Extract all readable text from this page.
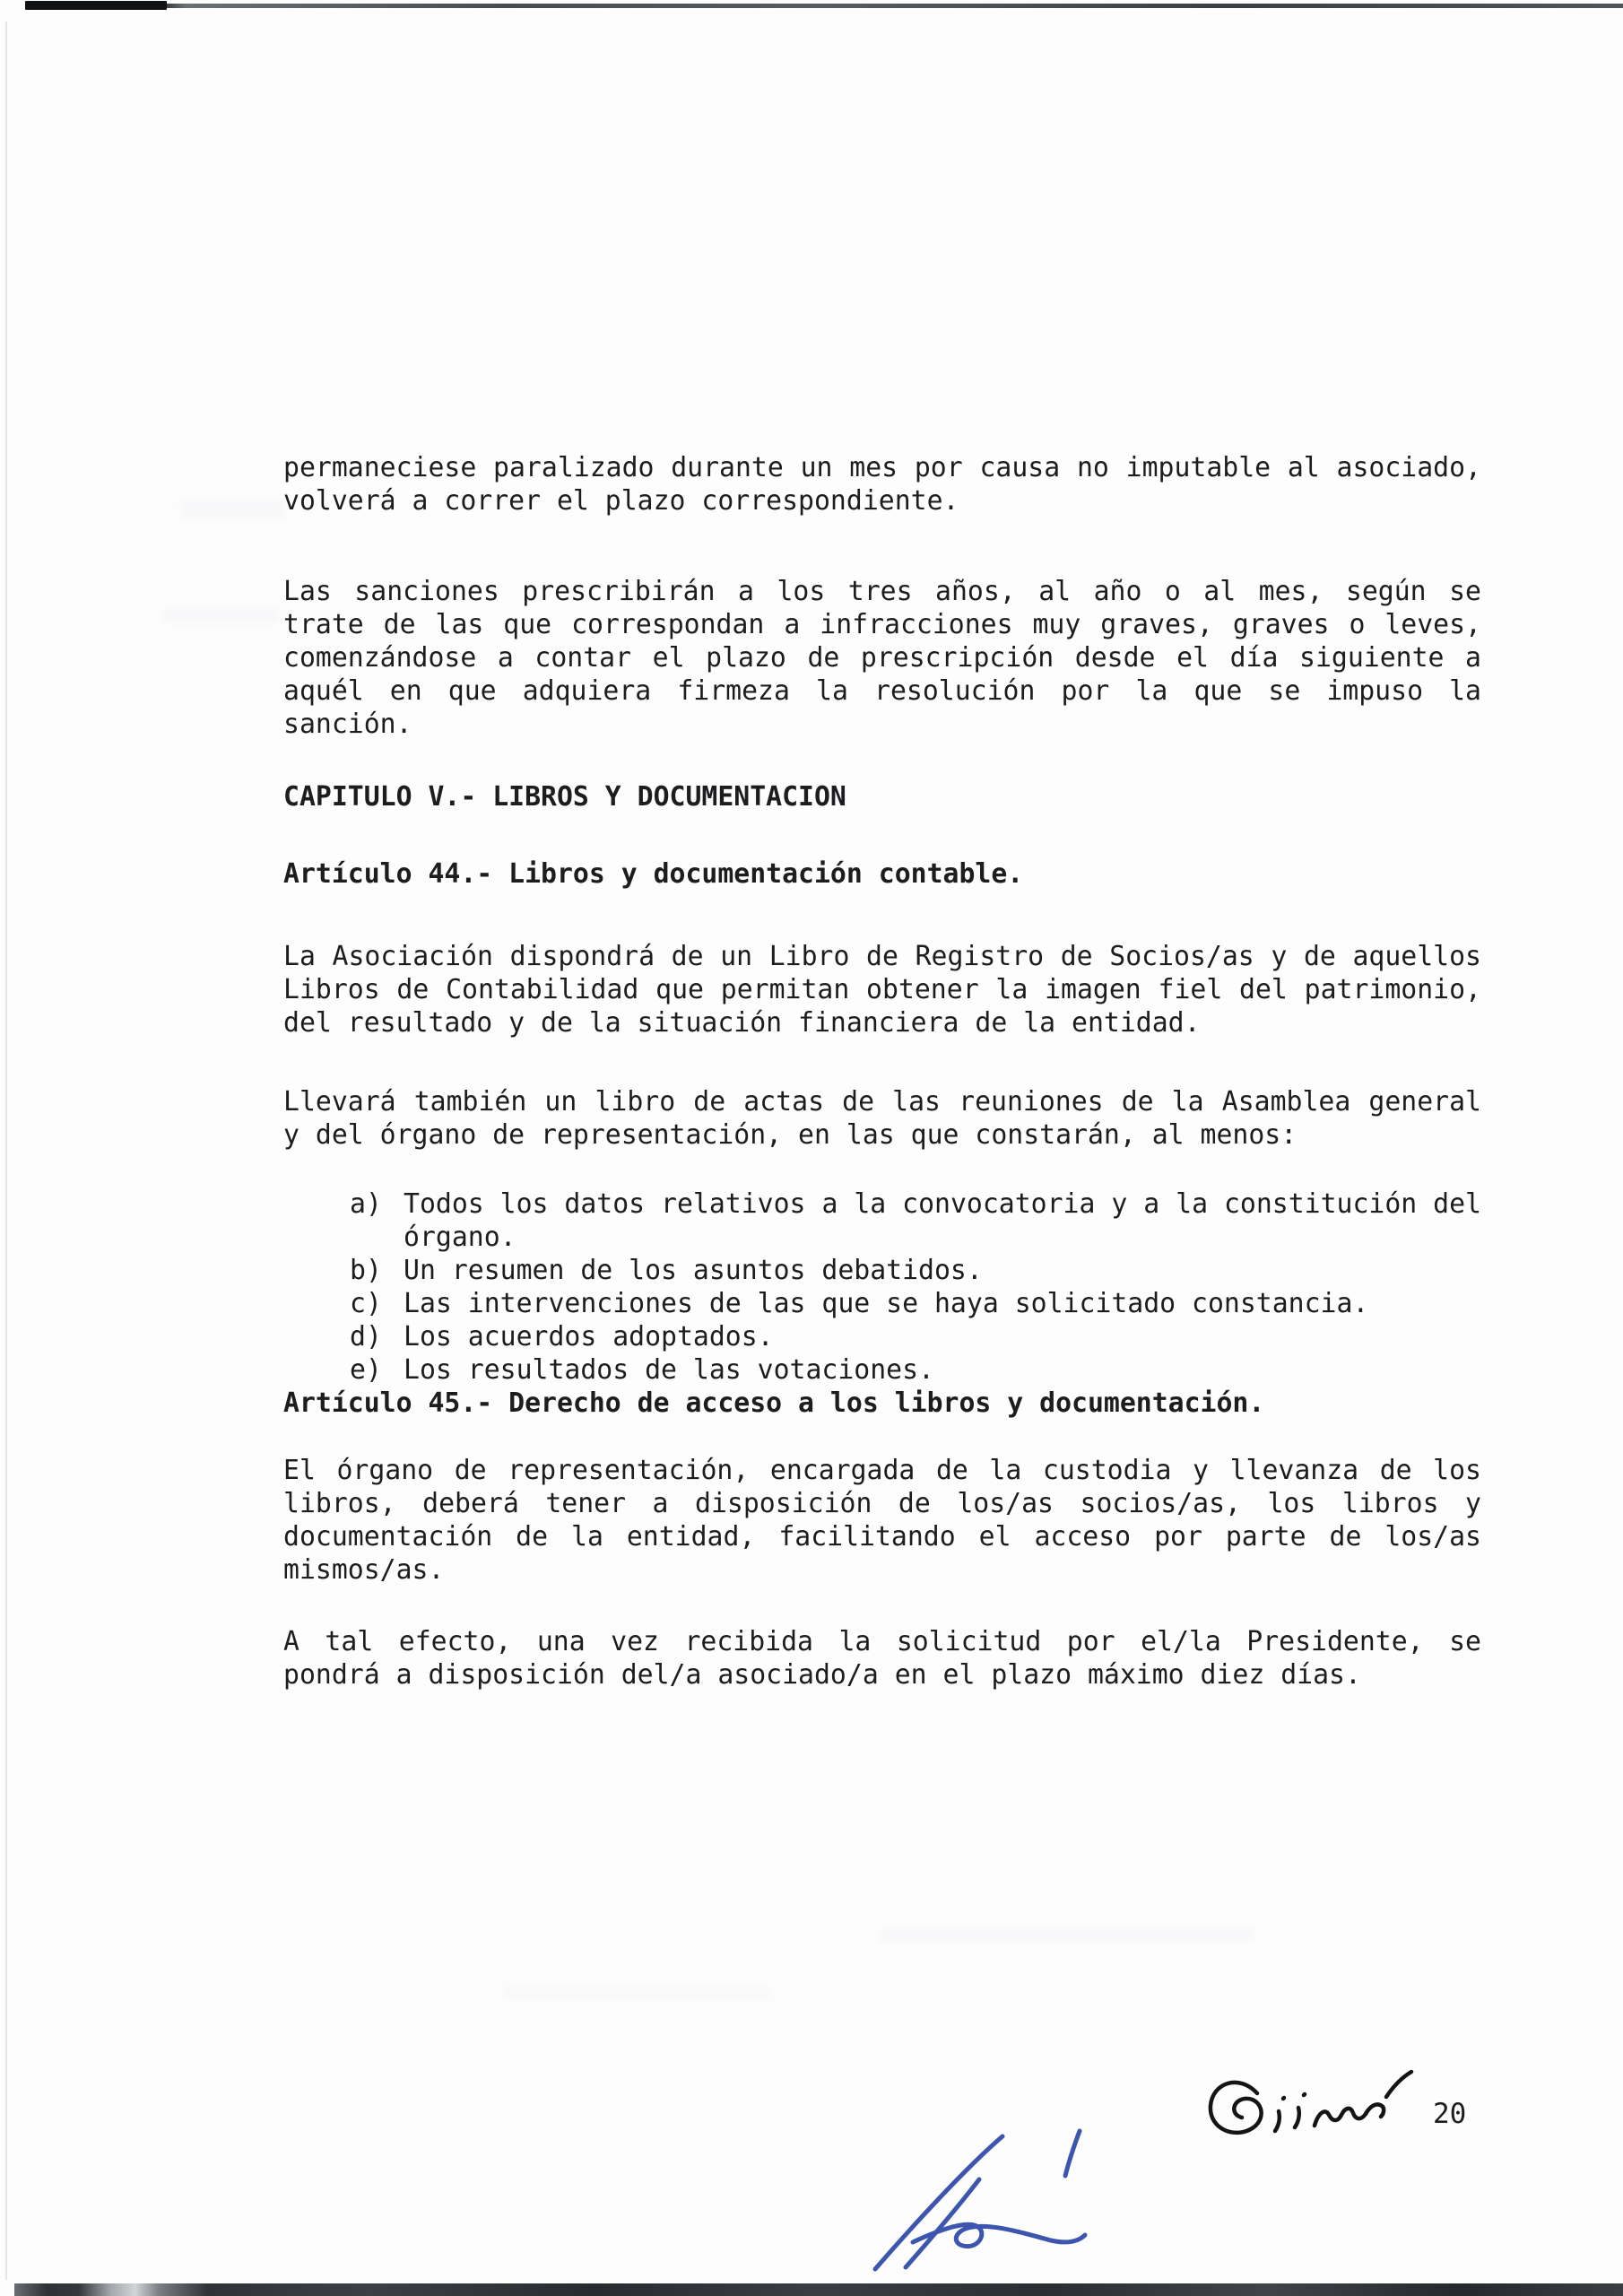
permaneciese paralizado durante un mes por causa no imputable al asociado, volverá a correr el plazo correspondiente.

Las sanciones prescribirán a los tres años, al año o al mes, según se trate de las que correspondan a infracciones muy graves, graves o leves, comenzándose a contar el plazo de prescripción desde el día siguiente a aquél en que adquiera firmeza la resolución por la que se impuso la sanción.

CAPITULO V.- LIBROS Y DOCUMENTACION
Artículo 44.- Libros y documentación contable.

La Asociación dispondrá de un Libro de Registro de Socios/as y de aquellos Libros de Contabilidad que permitan obtener la imagen fiel del patrimonio, del resultado y de la situación financiera de la entidad.

Llevará también un libro de actas de las reuniones de la Asamblea general y del órgano de representación, en las que constarán, al menos:

a) Todos los datos relativos a la convocatoria y a la constitución del órgano.
b) Un resumen de los asuntos debatidos.
c) Las intervenciones de las que se haya solicitado constancia.
d) Los acuerdos adoptados.
e) Los resultados de las votaciones.
Artículo 45.- Derecho de acceso a los libros y documentación.

El órgano de representación, encargada de la custodia y llevanza de los libros, deberá tener a disposición de los/as socios/as, los libros y documentación de la entidad, facilitando el acceso por parte de los/as mismos/as.

A tal efecto, una vez recibida la solicitud por el/la Presidente, se pondrá a disposición del/a asociado/a en el plazo máximo diez días.

20
